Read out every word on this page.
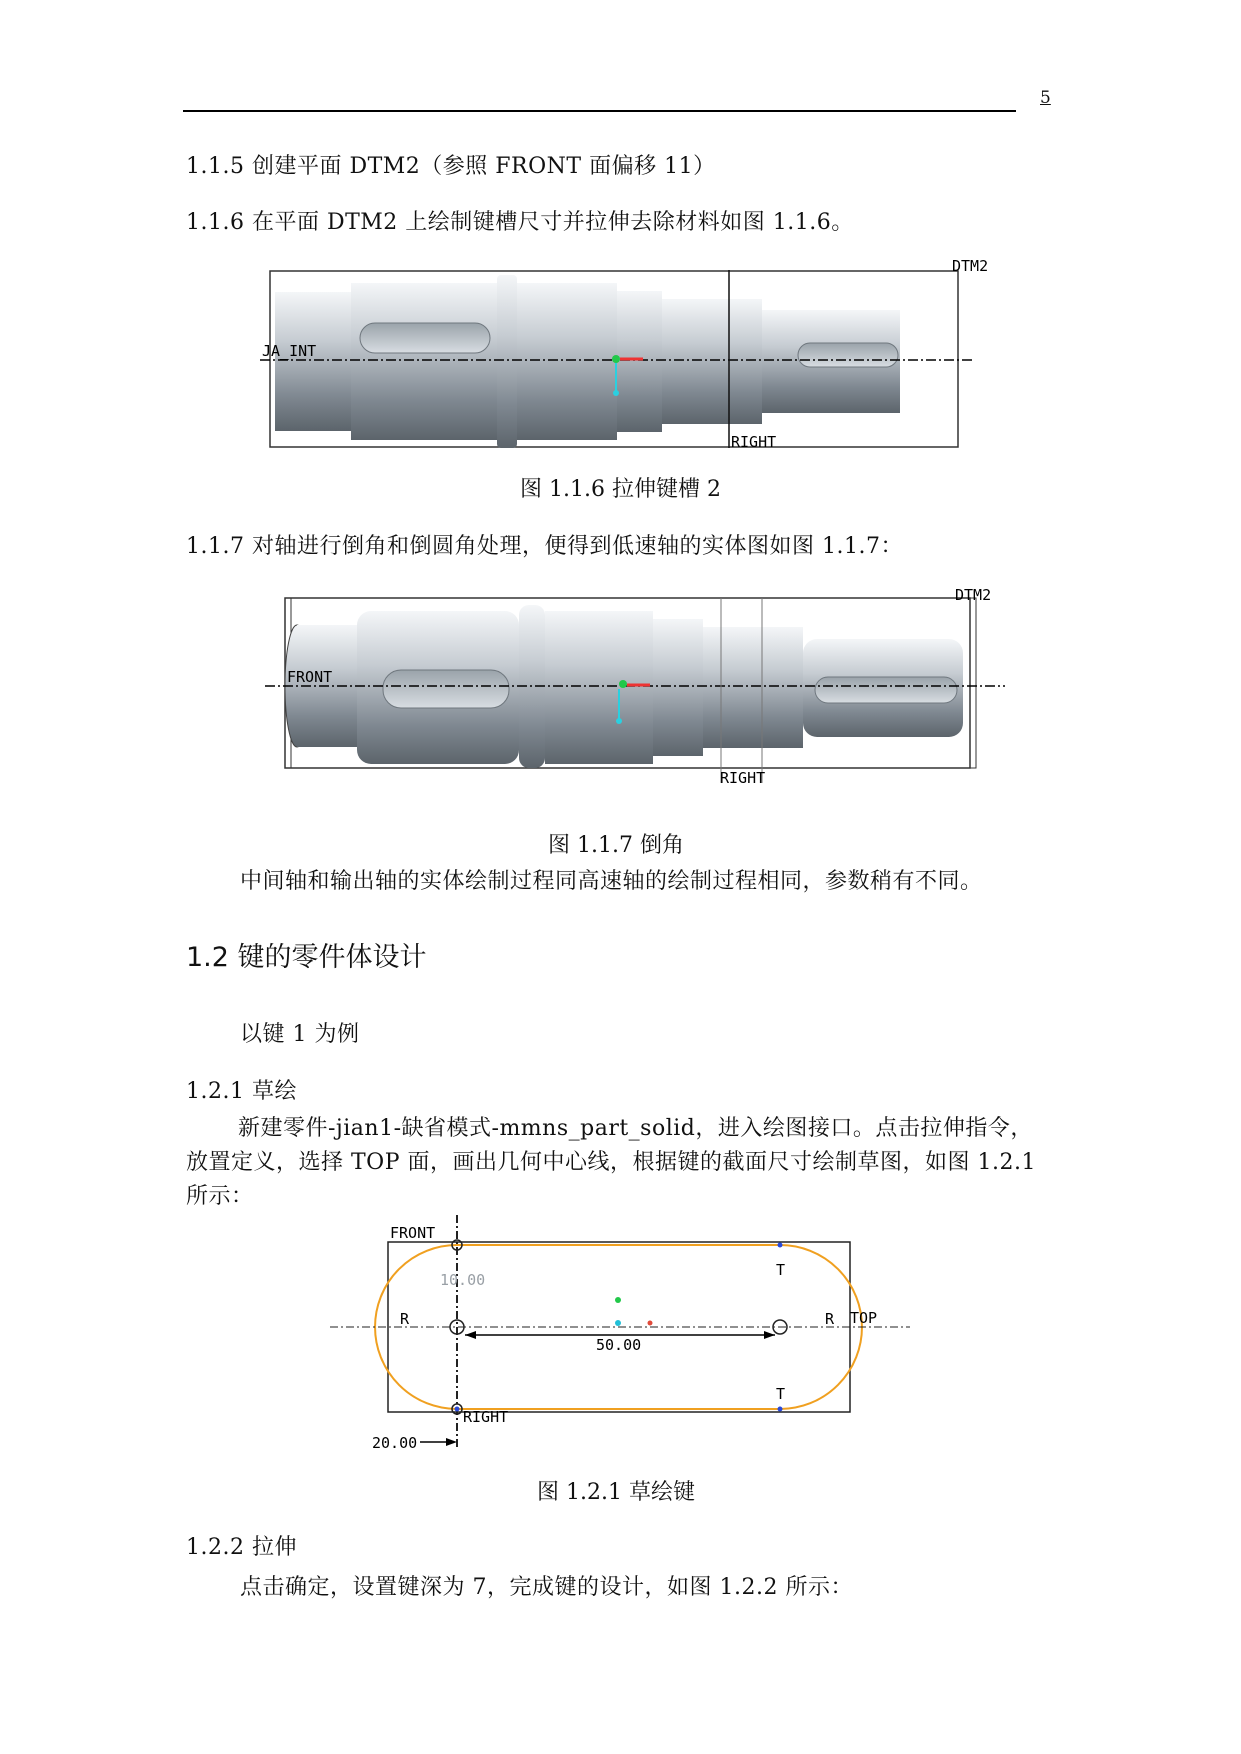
5
1.1.5 创建平面 DTM2（参照 FRONT 面偏移 11）
1.1.6 在平面 DTM2 上绘制键槽尺寸并拉伸去除材料如图 1.1.6。
DTM2
JA_INT
RIGHT
图 1.1.6 拉伸键槽 2
1.1.7 对轴进行倒角和倒圆角处理，便得到低速轴的实体图如图 1.1.7：
DTM2
FRONT
RIGHT
图 1.1.7 倒角
中间轴和输出轴的实体绘制过程同高速轴的绘制过程相同，参数稍有不同。
1.2 键的零件体设计
以键 1 为例
1.2.1 草绘
新建零件-jian1-缺省模式-mmns_part_solid，进入绘图接口。点击拉伸指令，放置定义，选择 TOP 面，画出几何中心线，根据键的截面尺寸绘制草图，如图 1.2.1 所示：
FRONT
TOP
RIGHT
10.00
50.00
20.00
R	R
T
T
图 1.2.1 草绘键
1.2.2 拉伸
点击确定，设置键深为 7，完成键的设计，如图 1.2.2 所示：
